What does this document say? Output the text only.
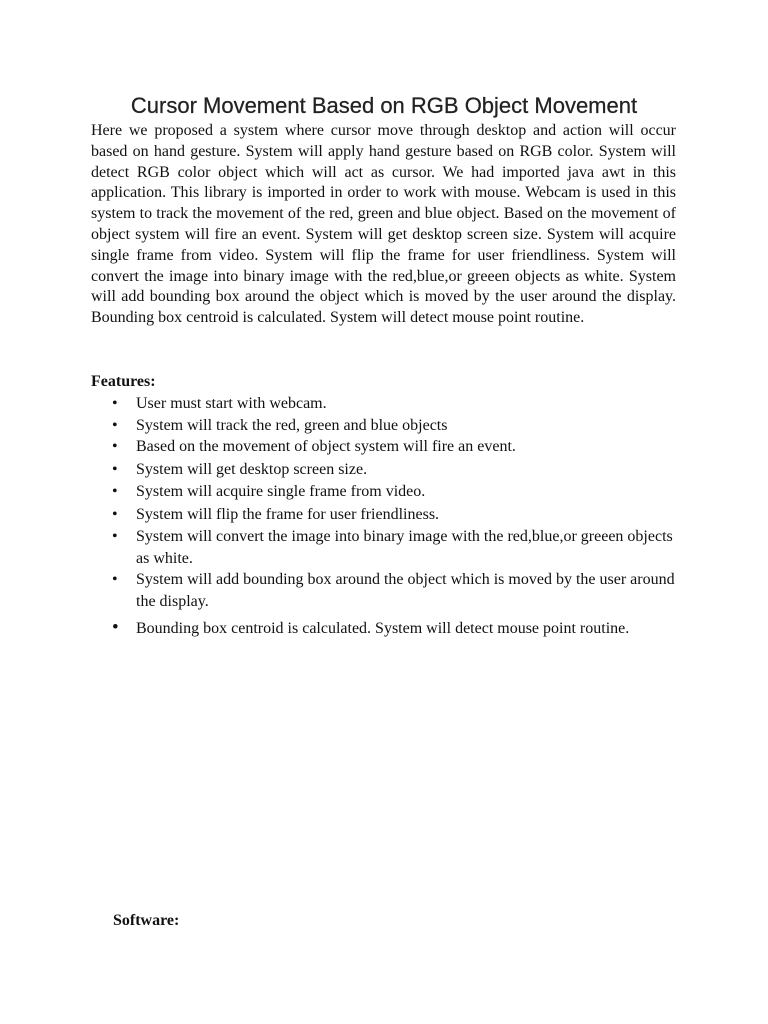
Cursor Movement Based on RGB Object Movement

Here we proposed a system where cursor move through desktop and action will occur based on hand gesture. System will apply hand gesture based on RGB color. System will detect RGB color object which will act as cursor. We had imported java awt in this application. This library is imported in order to work with mouse. Webcam is used in this system to track the movement of the red, green and blue object. Based on the movement of object system will fire an event. System will get desktop screen size. System will acquire single frame from video. System will flip the frame for user friendliness. System will convert the image into binary image with the red,blue,or greeen objects as white. System will add bounding box around the object which is moved by the user around the display. Bounding box centroid is calculated. System will detect mouse point routine.

Features:

•	User must start with webcam.
•	System will track the red, green and blue objects
•	Based on the movement of object system will fire an event.
•	System will get desktop screen size.
•	System will acquire single frame from video.
•	System will flip the frame for user friendliness.
•	System will convert the image into binary image with the red,blue,or greeen objects as white.
•	System will add bounding box around the object which is moved by the user around the display.
•	Bounding box centroid is calculated. System will detect mouse point routine.

Software:
